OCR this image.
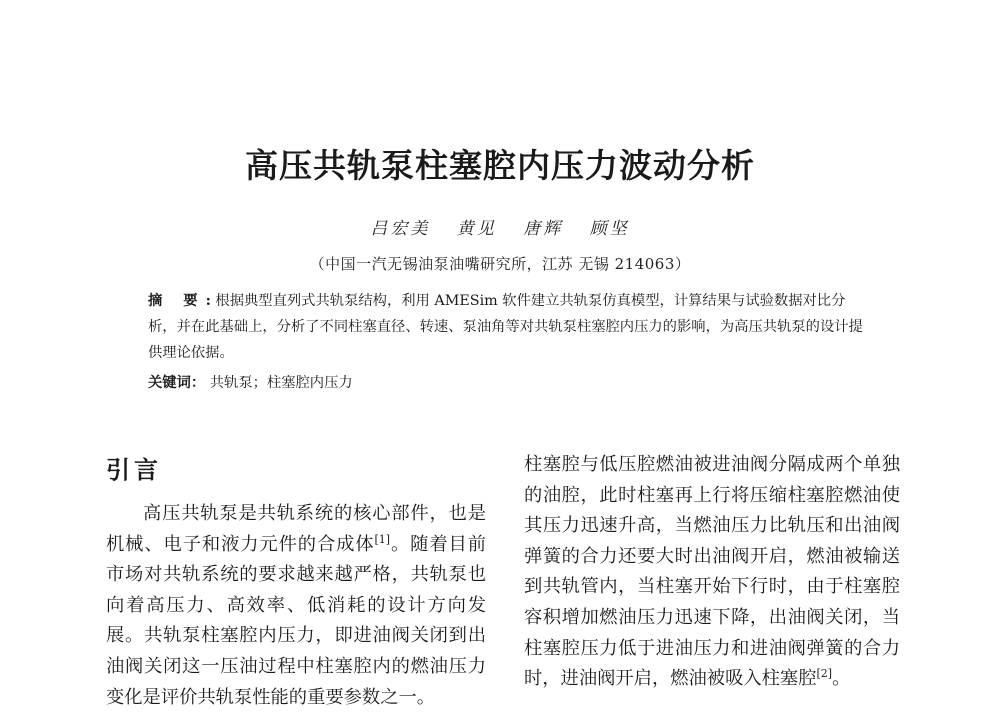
高压共轨泵柱塞腔内压力波动分析
吕宏美 黄见 唐辉 顾坚
（中国一汽无锡油泵油嘴研究所，江苏 无锡 214063）
摘 要: 根据典型直列式共轨泵结构，利用 AMESim 软件建立共轨泵仿真模型，计算结果与试验数据对比分析，并在此基础上，分析了不同柱塞直径、转速、泵油角等对共轨泵柱塞腔内压力的影响，为高压共轨泵的设计提供理论依据。
关键词： 共轨泵；柱塞腔内压力
引言
高压共轨泵是共轨系统的核心部件，也是机械、电子和液力元件的合成体[1]。随着目前市场对共轨系统的要求越来越严格，共轨泵也向着高压力、高效率、低消耗的设计方向发展。共轨泵柱塞腔内压力，即进油阀关闭到出油阀关闭这一压油过程中柱塞腔内的燃油压力变化是评价共轨泵性能的重要参数之一。
柱塞腔与低压腔燃油被进油阀分隔成两个单独的油腔，此时柱塞再上行将压缩柱塞腔燃油使其压力迅速升高，当燃油压力比轨压和出油阀弹簧的合力还要大时出油阀开启，燃油被输送到共轨管内，当柱塞开始下行时，由于柱塞腔容积增加燃油压力迅速下降，出油阀关闭，当柱塞腔压力低于进油压力和进油阀弹簧的合力时，进油阀开启，燃油被吸入柱塞腔[2]。
